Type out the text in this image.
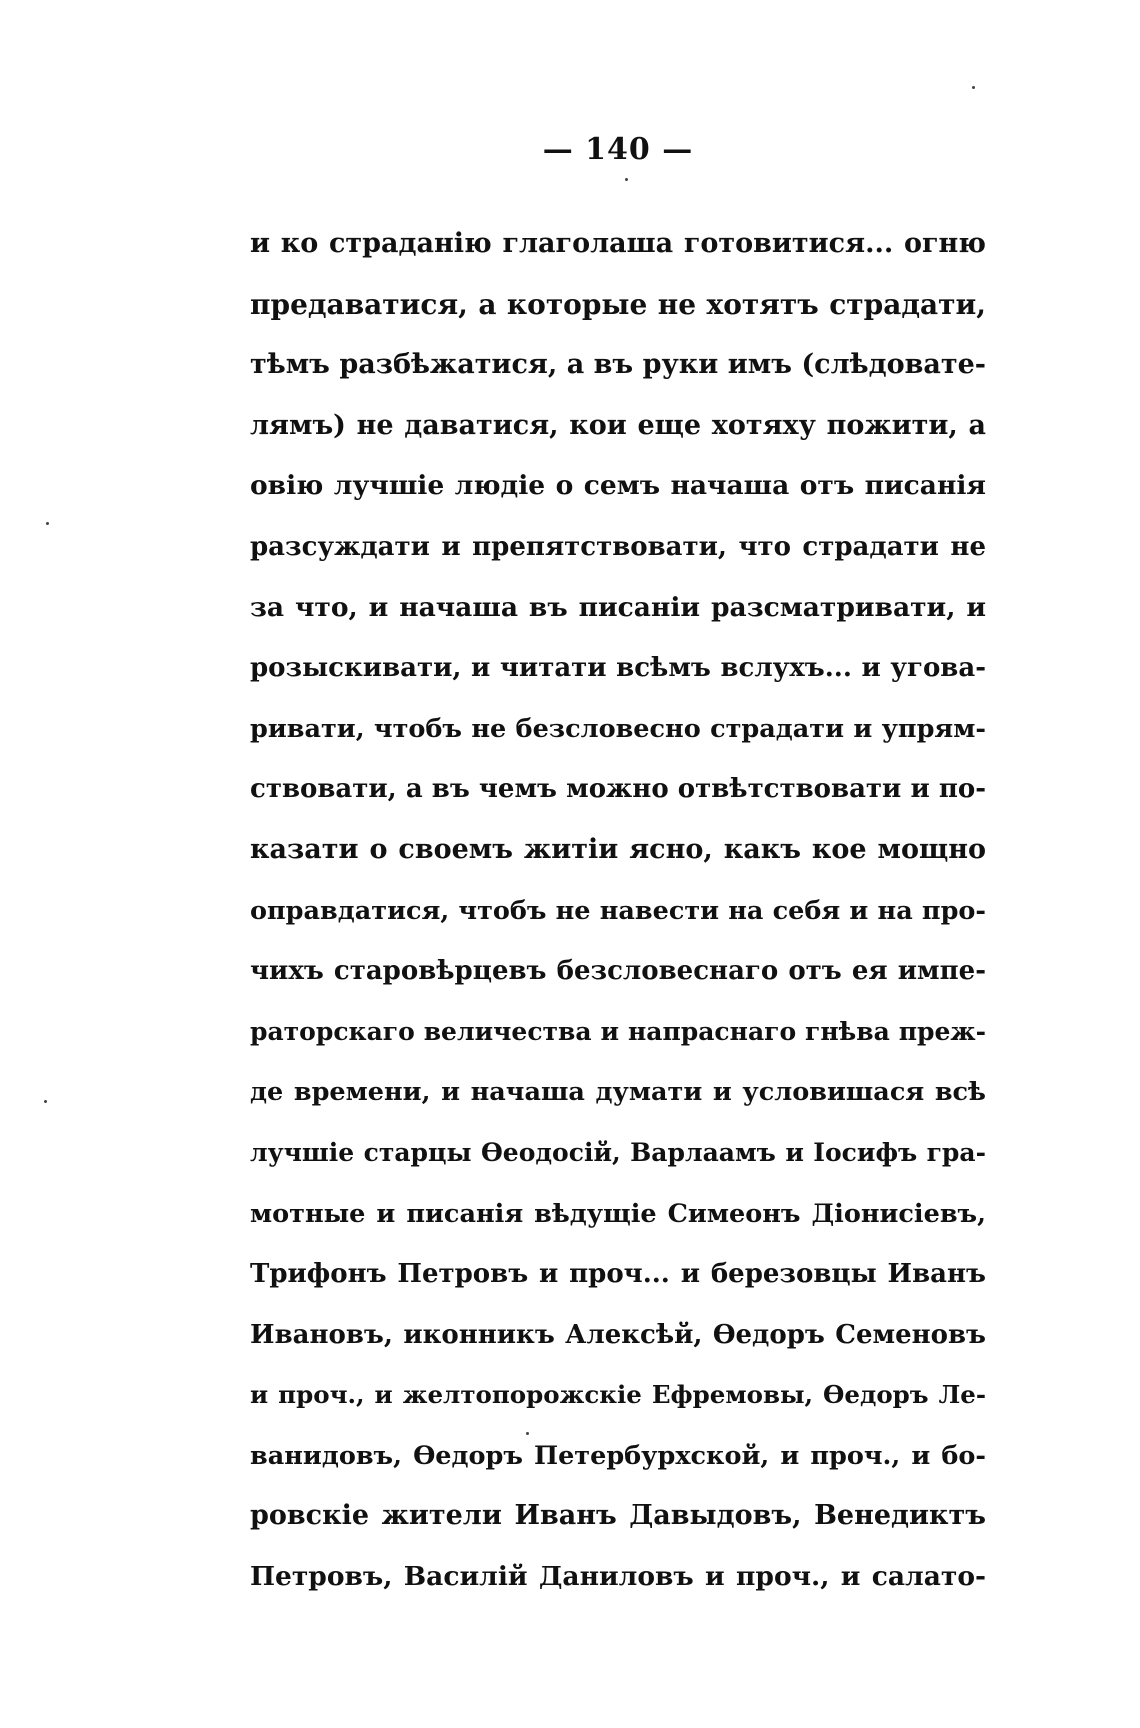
— 140 —
и ко страданію глаголаша готовитися... огню
предаватися, а которые не хотятъ страдати,
тѣмъ разбѣжатися, а въ руки имъ (слѣдовате-
лямъ) не даватися, кои еще хотяху пожити, а
овію лучшіе людіе о семъ начаша отъ писанія
разсуждати и препятствовати, что страдати не
за что, и начаша въ писаніи разсматривати, и
розыскивати, и читати всѣмъ вслухъ... и угова-
ривати, чтобъ не безсловесно страдати и упрям-
ствовати, а въ чемъ можно отвѣтствовати и по-
казати о своемъ житіи ясно, какъ кое мощно
оправдатися, чтобъ не навести на себя и на про-
чихъ старовѣрцевъ безсловеснаго отъ ея импе-
раторскаго величества и напраснаго гнѣва преж-
де времени, и начаша думати и условишася всѣ
лучшіе старцы Ѳеодосій, Варлаамъ и Іосифъ гра-
мотные и писанія вѣдущіе Симеонъ Діонисіевъ,
Трифонъ Петровъ и проч... и березовцы Иванъ
Ивановъ, иконникъ Алексѣй, Ѳедоръ Семеновъ
и проч., и желтопорожскіе Ефремовы, Ѳедоръ Ле-
ванидовъ, Ѳедоръ Петербурхской, и проч., и бо-
ровскіе жители Иванъ Давыдовъ, Венедиктъ
Петровъ, Василій Даниловъ и проч., и салато-
